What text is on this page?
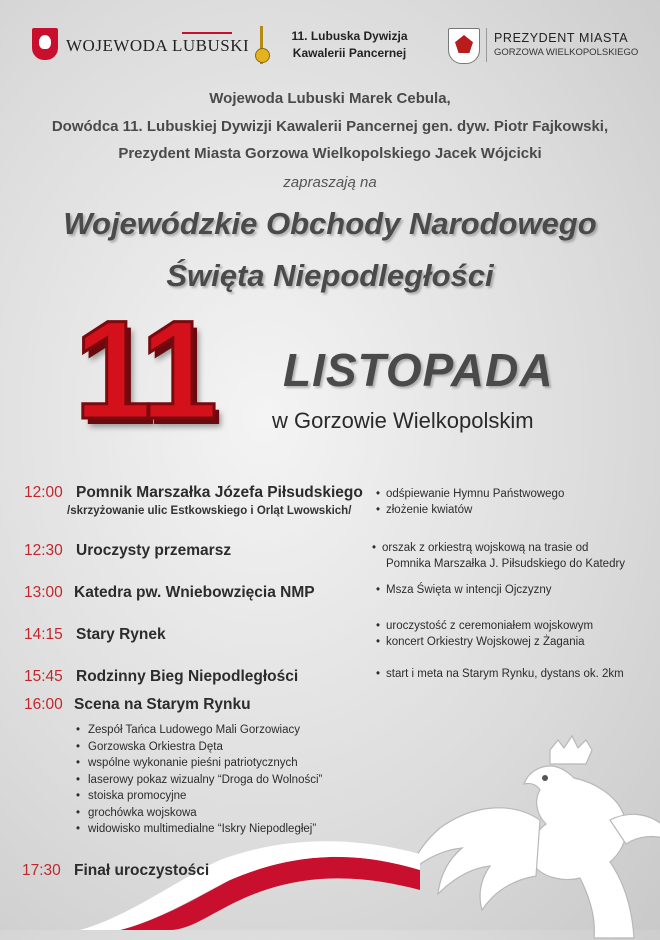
WOJEWODA LUBUSKI	11. Lubuska Dywizja
Kawalerii Pancernej
PREZYDENT MIASTA
GORZOWA WIELKOPOLSKIEGO
Wojewoda Lubuski Marek Cebula,
Dowódca 11. Lubuskiej Dywizji Kawalerii Pancernej gen. dyw. Piotr Fajkowski,
Prezydent Miasta Gorzowa Wielkopolskiego Jacek Wójcicki
zapraszają na
Wojewódzkie Obchody Narodowego
Święta Niepodległości
11 LISTOPADA
w Gorzowie Wielkopolskim
12:00 Pomnik Marszałka Józefa Piłsudskiego
/skrzyżowanie ulic Estkowskiego i Orląt Lwowskich/
• odśpiewanie Hymnu Państwowego
• złożenie kwiatów
12:30 Uroczysty przemarsz	• orszak z orkiestrą wojskową na trasie od
Pomnika Marszałka J. Piłsudskiego do Katedry
13:00 Katedra pw. Wniebowzięcia NMP	• Msza Święta w intencji Ojczyzny
14:15 Stary Rynek	• uroczystość z ceremoniałem wojskowym
• koncert Orkiestry Wojskowej z Żagania
15:45 Rodzinny Bieg Niepodległości	• start i meta na Starym Rynku, dystans ok. 2km
16:00 Scena na Starym Rynku
• Zespół Tańca Ludowego Mali Gorzowiacy
• Gorzowska Orkiestra Dęta
• wspólne wykonanie pieśni patriotycznych
• laserowy pokaz wizualny “Droga do Wolności”
• stoiska promocyjne
• grochówka wojskowa
• widowisko multimedialne “Iskry Niepodległej”
17:30 Finał uroczystości
